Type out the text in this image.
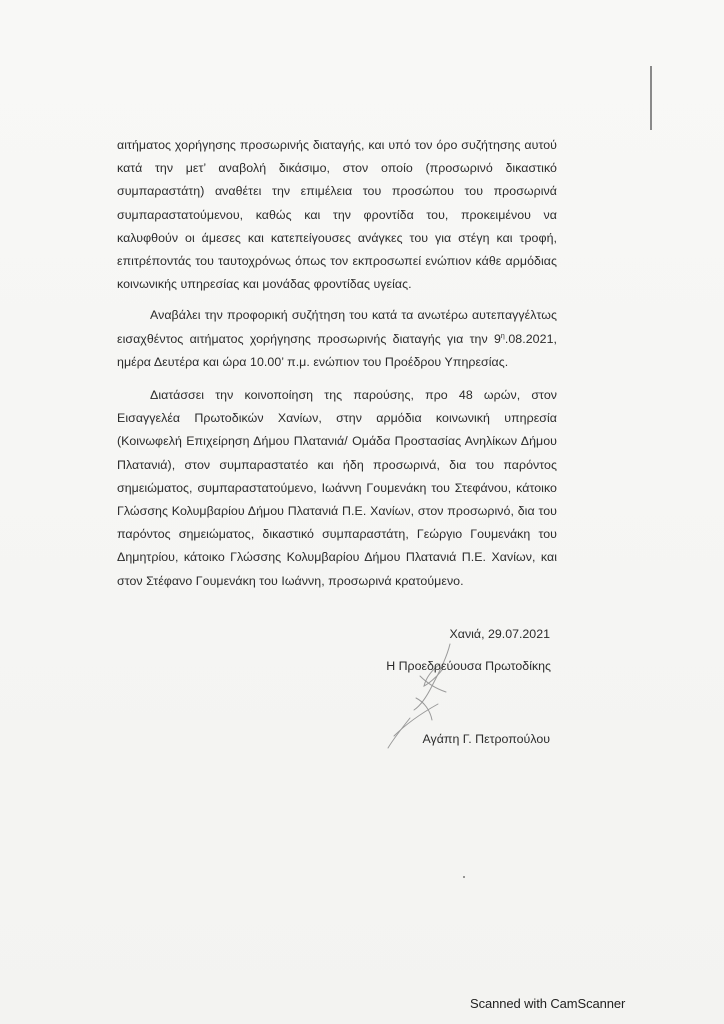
αιτήματος χορήγησης προσωρινής διαταγής, και υπό τον όρο συζήτησης αυτού κατά την μετ’ αναβολή δικάσιμο, στον οποίο (προσωρινό δικαστικό συμπαραστάτη) αναθέτει την επιμέλεια του προσώπου του προσωρινά συμπαραστατούμενου, καθώς και την φροντίδα του, προκειμένου να καλυφθούν οι άμεσες και κατεπείγουσες ανάγκες του για στέγη και τροφή, επιτρέποντάς του ταυτοχρόνως όπως τον εκπροσωπεί ενώπιον κάθε αρμόδιας κοινωνικής υπηρεσίας και μονάδας φροντίδας υγείας.

Αναβάλει την προφορική συζήτηση του κατά τα ανωτέρω αυτεπαγγέλτως εισαχθέντος αιτήματος χορήγησης προσωρινής διαταγής για την $9^\eta.08.2021$, ημέρα Δευτέρα και ώρα 10.00’ π.μ. ενώπιον του Προέδρου Υπηρεσίας.

Διατάσσει την κοινοποίηση της παρούσης, προ 48 ωρών, στον Εισαγγελέα Πρωτοδικών Χανίων, στην αρμόδια κοινωνική υπηρεσία (Κοινωφελή Επιχείρηση Δήμου Πλατανιά/ Ομάδα Προστασίας Ανηλίκων Δήμου Πλατανιά), στον συμπαραστατέο και ήδη προσωρινά, δια του παρόντος σημειώματος, συμπαραστατούμενο, Ιωάννη Γουμενάκη του Στεφάνου, κάτοικο Γλώσσης Κολυμβαρίου Δήμου Πλατανιά Π.Ε. Χανίων, στον προσωρινό, δια του παρόντος σημειώματος, δικαστικό συμπαραστάτη, Γεώργιο Γουμενάκη του Δημητρίου, κάτοικο Γλώσσης Κολυμβαρίου Δήμου Πλατανιά Π.Ε. Χανίων, και στον Στέφανο Γουμενάκη του Ιωάννη, προσωρινά κρατούμενο.

Χανιά, 29.07.2021
Η Προεδρεύουσα Πρωτοδίκης
Αγάπη Γ. Πετροπούλου
Scanned with CamScanner
